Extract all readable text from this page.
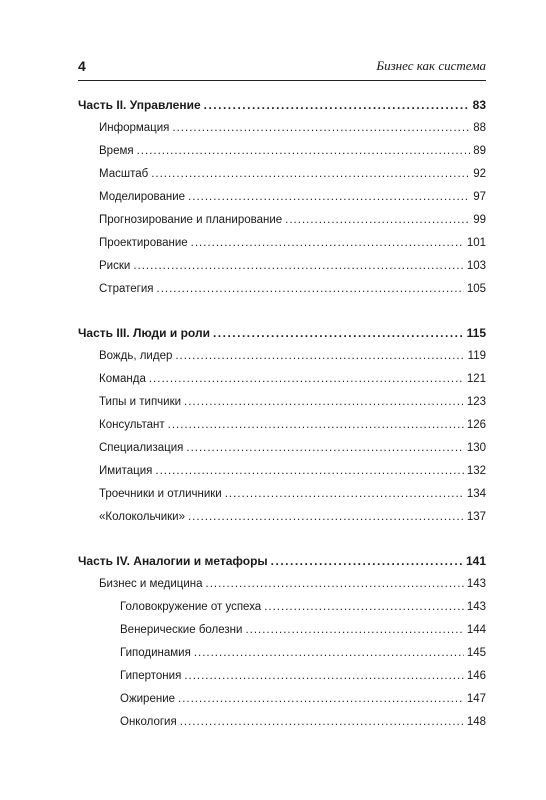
4	Бизнес как система
Часть II. Управление .....	83
Информация .....	88
Время .....	89
Масштаб .....	92
Моделирование .....	97
Прогнозирование и планирование .....	99
Проектирование .....	101
Риски .....	103
Стратегия .....	105
Часть III. Люди и роли .....	115
Вождь, лидер .....	119
Команда .....	121
Типы и типчики .....	123
Консультант .....	126
Специализация .....	130
Имитация .....	132
Троечники и отличники .....	134
«Колокольчики» .....	137
Часть IV. Аналогии и метафоры .....	141
Бизнес и медицина .....	143
Головокружение от успеха .....	143
Венерические болезни .....	144
Гиподинамия .....	145
Гипертония .....	146
Ожирение .....	147
Онкология .....	148
